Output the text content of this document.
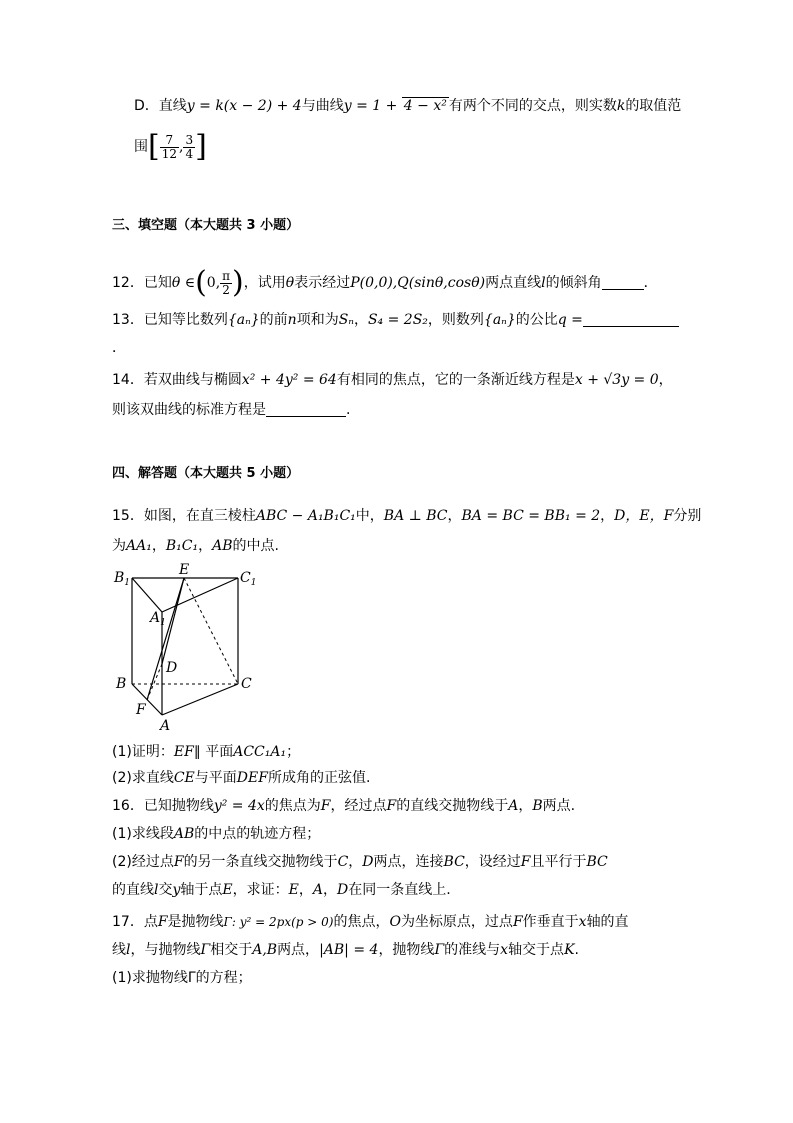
D．直线y = k(x − 2) + 4与曲线y = 1 + 4 − x² 有两个不同的交点，则实数k的取值范
围[ $\frac{7}{12}$ , $\frac{3}{4}$ ]
三、填空题（本大题共 3 小题）
12．已知θ ∈(0, $\frac{\pi}{2}$ )，试用θ表示经过P(0,0),Q(sinθ,cosθ)两点直线l的倾斜角	．
13．已知等比数列{aₙ}的前n项和为Sₙ，S₄ = 2S₂，则数列{aₙ}的公比q =
．
14．若双曲线与椭圆x² + 4y² = 64有相同的焦点，它的一条渐近线方程是x + √3y = 0，
则该双曲线的标准方程是	.
四、解答题（本大题共 5 小题）
15．如图，在直三棱柱ABC − A₁B₁C₁中，BA ⊥ BC，BA = BC = BB₁ = 2，D，E，F分别
为AA₁，B₁C₁，AB的中点.
$B_1$
E	$C_1$
$A_1$
D
B	C
F
A
(1)证明：EF∥ 平面ACC₁A₁；
(2)求直线CE与平面DEF所成角的正弦值.
16．已知抛物线y² = 4x的焦点为F，经过点F的直线交抛物线于A，B两点.
(1)求线段AB的中点的轨迹方程；
(2)经过点F的另一条直线交抛物线于C，D两点，连接BC，设经过F且平行于BC
的直线l交y轴于点E，求证：E，A，D在同一条直线上.
17．点F是抛物线Γ: y² = 2px(p > 0)的焦点，O为坐标原点，过点F作垂直于x轴的直
线l，与抛物线Γ相交于A,B两点，|AB| = 4，抛物线Γ的准线与x轴交于点K.
(1)求抛物线Γ的方程；
